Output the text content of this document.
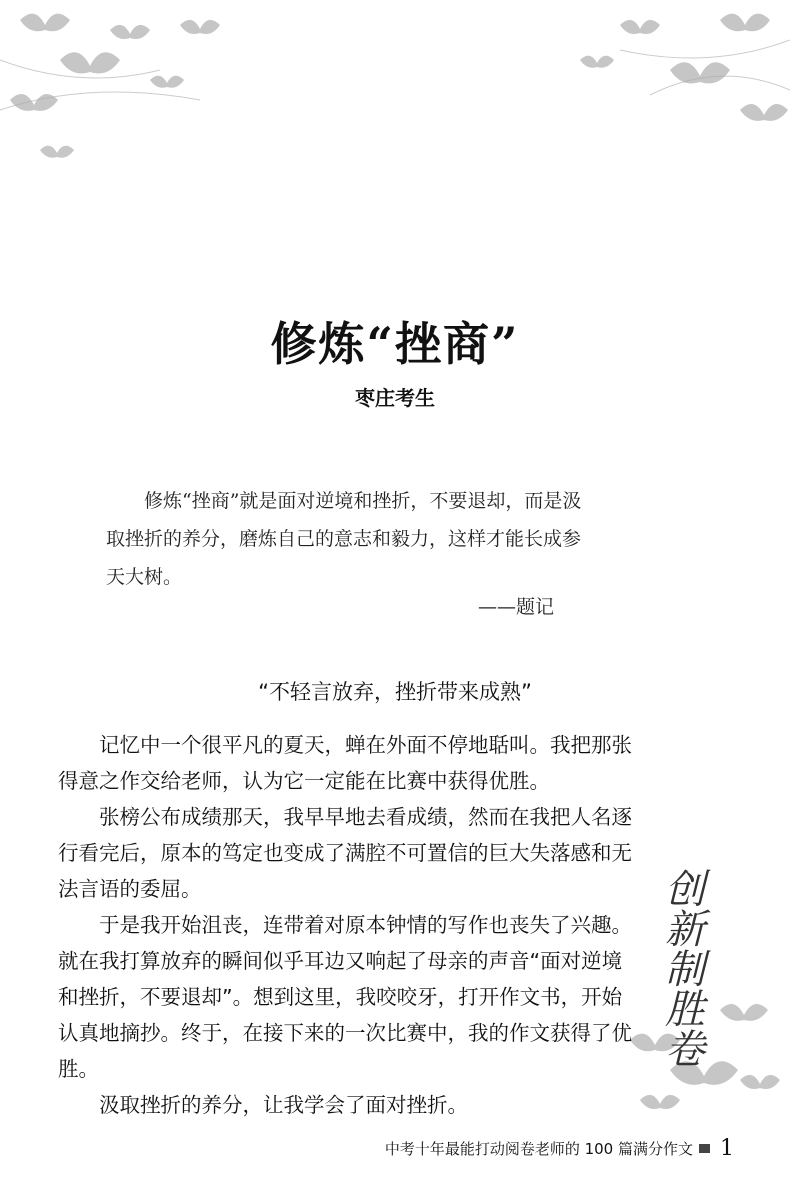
修炼“挫商”
枣庄考生

修炼“挫商”就是面对逆境和挫折，不要退却，而是汲取挫折的养分，磨炼自己的意志和毅力，这样才能长成参天大树。

——题记
“不轻言放弃，挫折带来成熟”

记忆中一个很平凡的夏天，蝉在外面不停地聒叫。我把那张得意之作交给老师，认为它一定能在比赛中获得优胜。

张榜公布成绩那天，我早早地去看成绩，然而在我把人名逐行看完后，原本的笃定也变成了满腔不可置信的巨大失落感和无法言语的委屈。

于是我开始沮丧，连带着对原本钟情的写作也丧失了兴趣。就在我打算放弃的瞬间似乎耳边又响起了母亲的声音“面对逆境和挫折，不要退却”。想到这里，我咬咬牙，打开作文书，开始认真地摘抄。终于，在接下来的一次比赛中，我的作文获得了优胜。

汲取挫折的养分，让我学会了面对挫折。

创
新
制
胜
卷
中考十年最能打动阅卷老师的 100 篇满分作文 1
